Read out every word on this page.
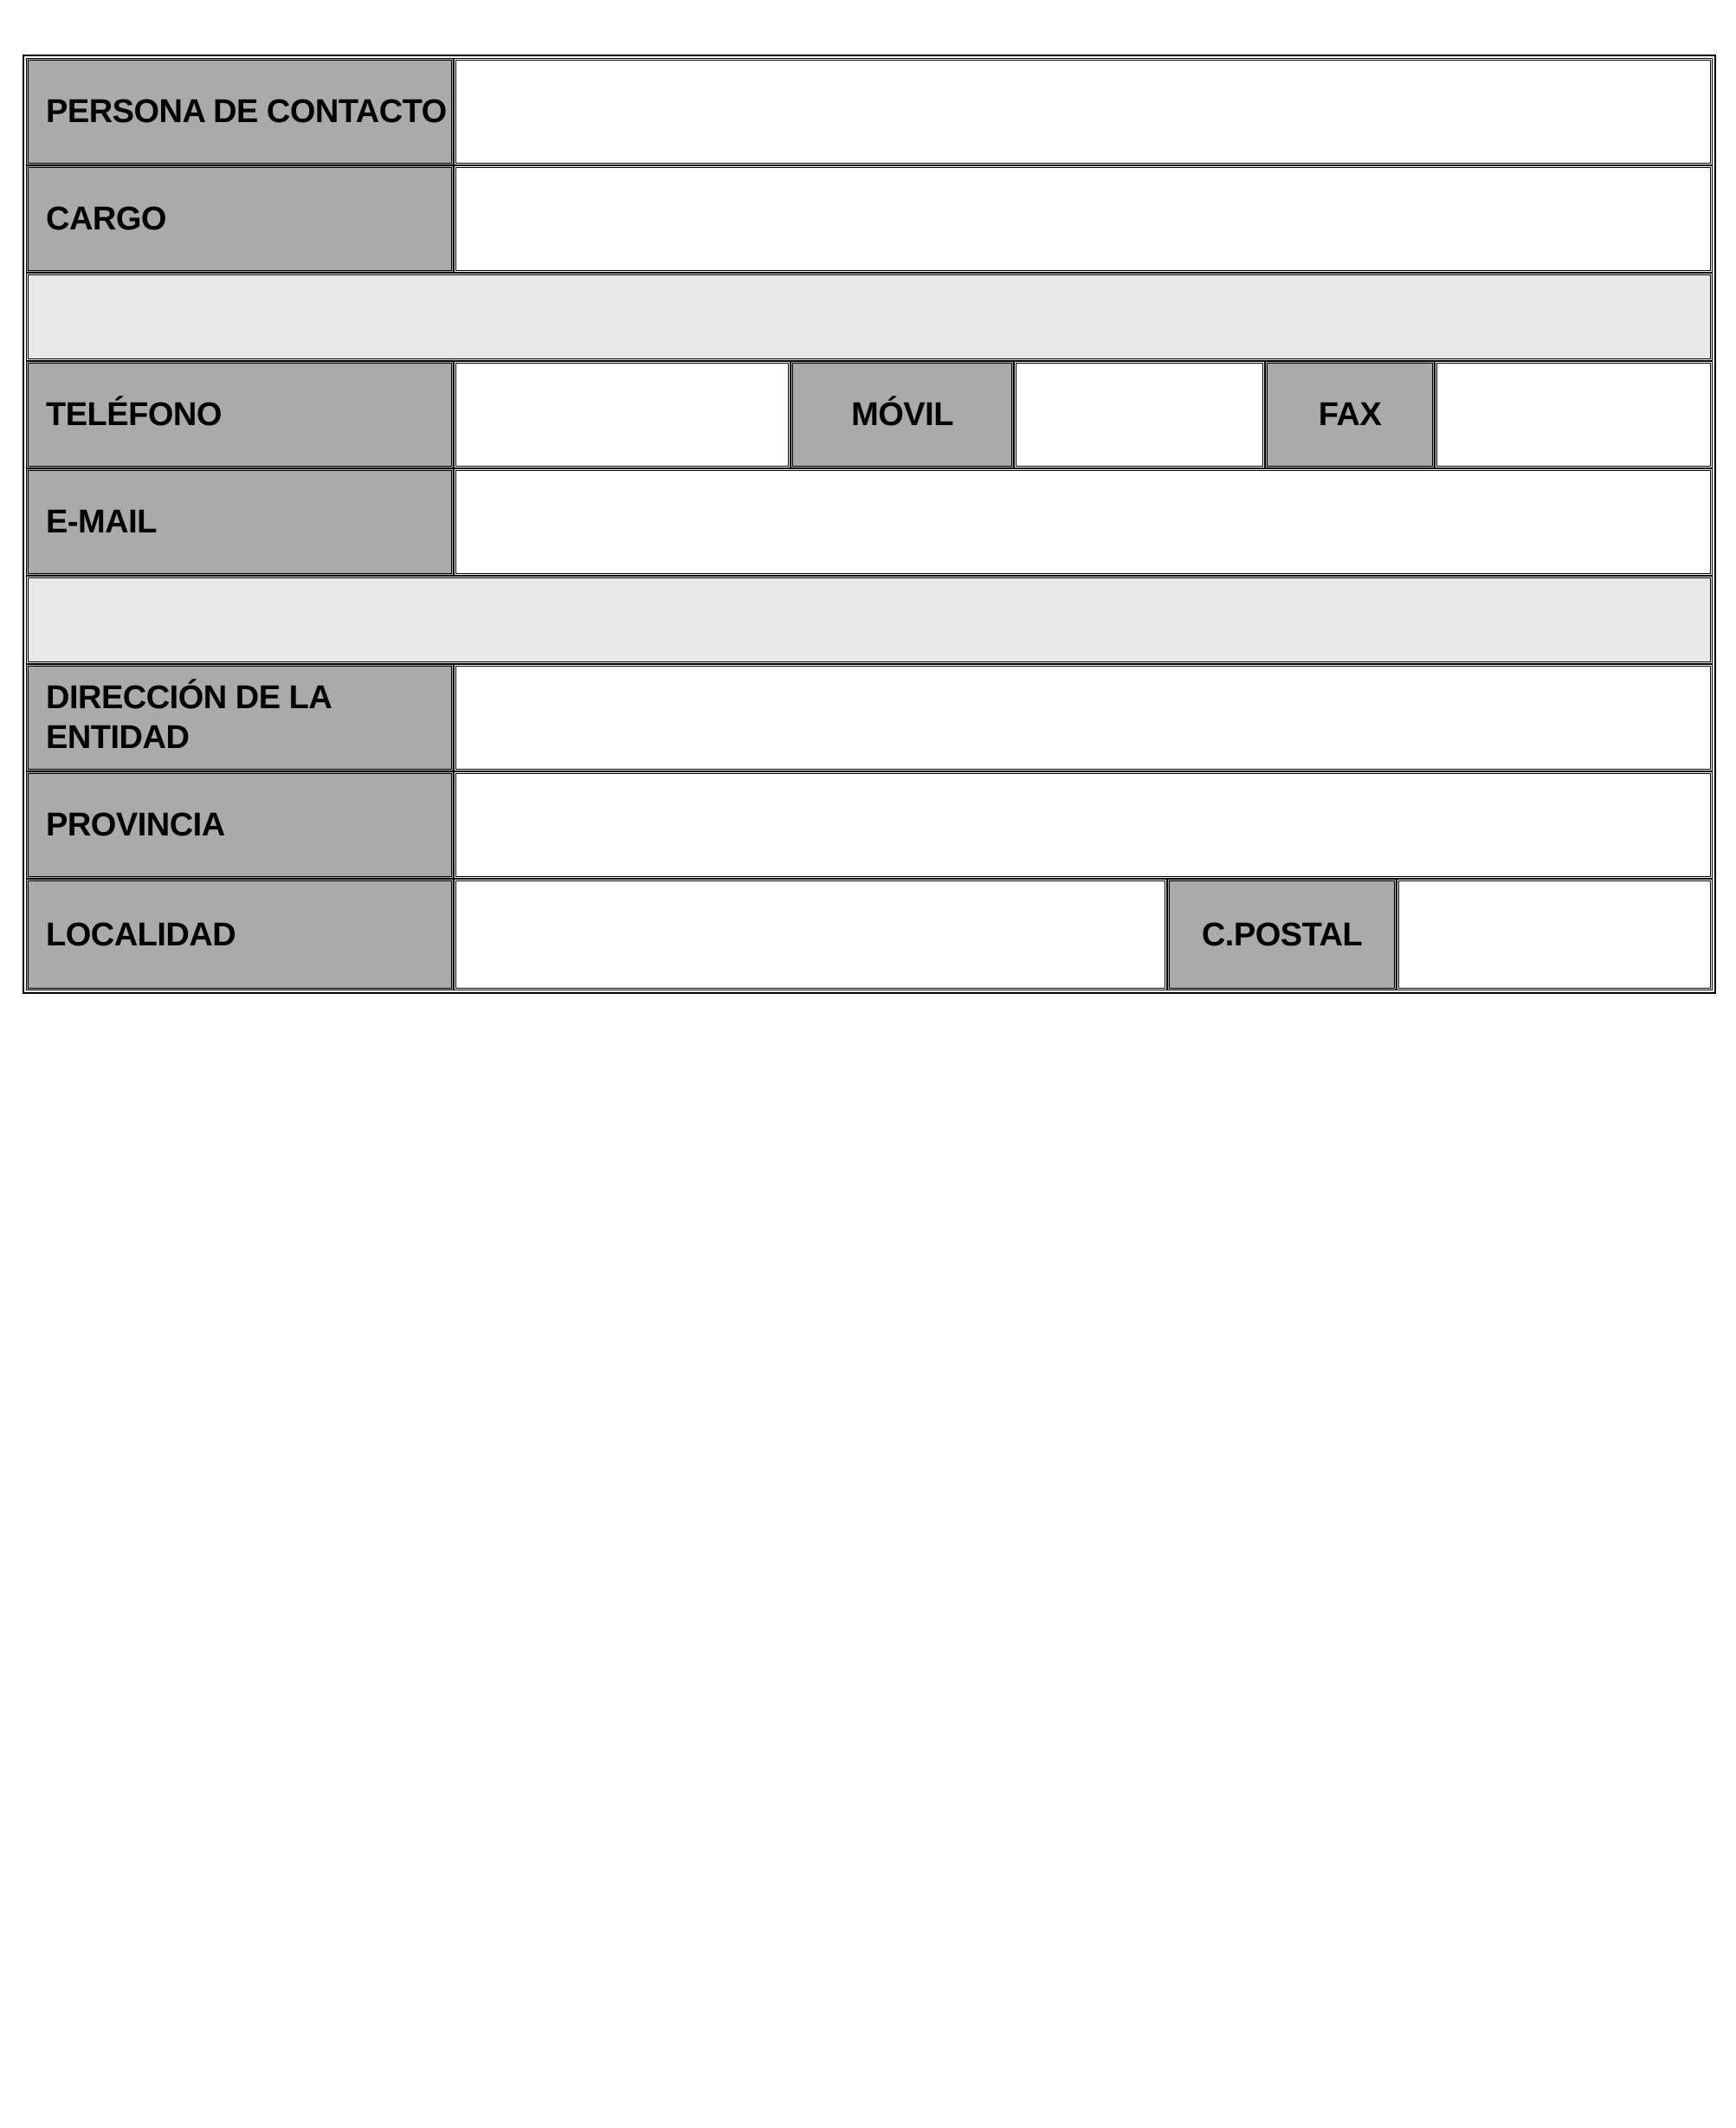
PERSONA DE CONTACTO
CARGO
TELÉFONO	MÓVIL	FAX
E-MAIL
DIRECCIÓN DE LA ENTIDAD
PROVINCIA
LOCALIDAD	C.POSTAL
